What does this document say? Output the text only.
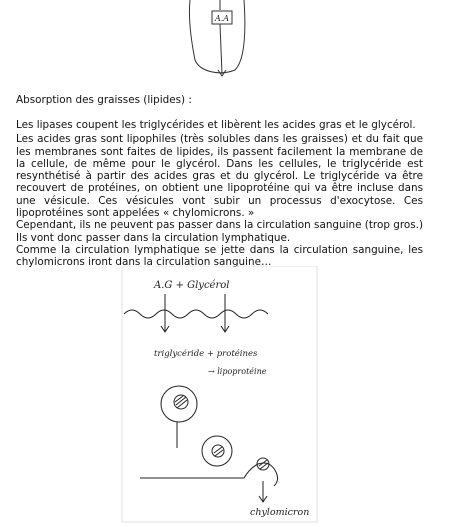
A.A
Absorption des graisses (lipides) :

Les lipases coupent les triglycérides et libèrent les acides gras et le glycérol.

Les acides gras sont lipophiles (très solubles dans les graisses) et du fait que les membranes sont faites de lipides, ils passent facilement la membrane de la cellule, de même pour le glycérol. Dans les cellules, le triglycéride est resynthétisé à partir des acides gras et du glycérol. Le triglycéride va être recouvert de protéines, on obtient une lipoprotéine qui va être incluse dans une vésicule. Ces vésicules vont subir un processus d'exocytose. Ces lipoprotéines sont appelées « chylomicrons. »

Cependant, ils ne peuvent pas passer dans la circulation sanguine (trop gros.) Ils vont donc passer dans la circulation lymphatique.

Comme la circulation lymphatique se jette dans la circulation sanguine, les chylomicrons iront dans la circulation sanguine…

A.G + Glycérol
triglycéride + protéines
→ lipoprotéine
chylomicron
